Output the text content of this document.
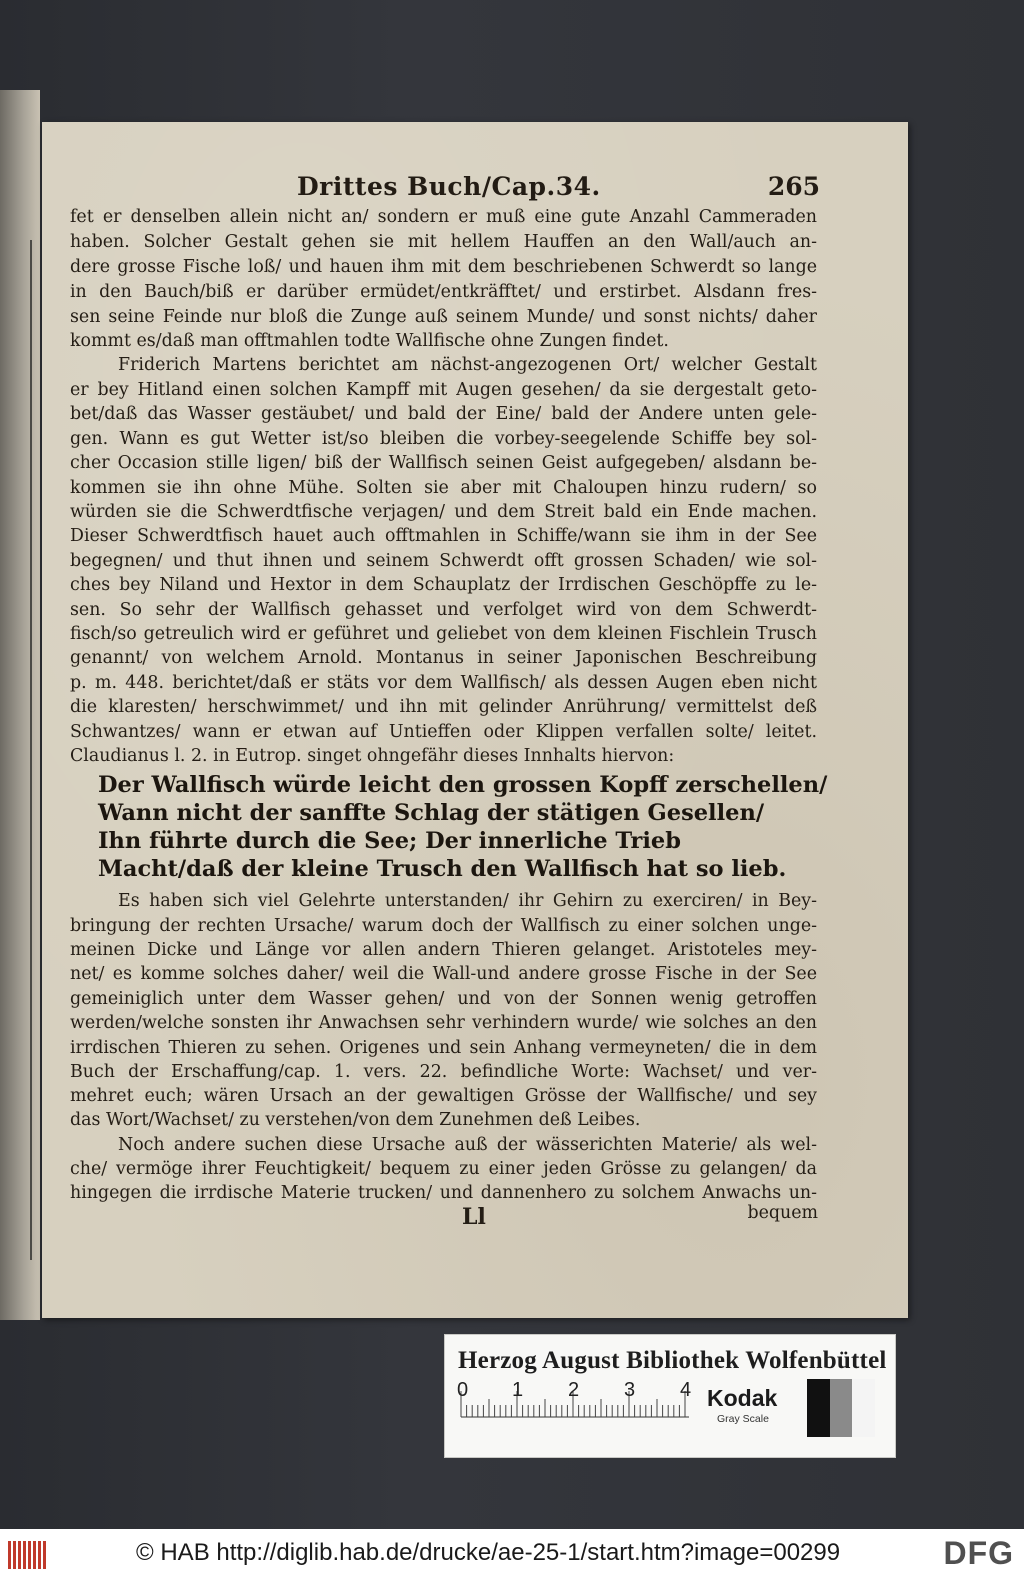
Drittes Buch/Cap.34.	265
fet er denselben allein nicht an/ sondern er muß eine gute Anzahl Cammeraden
haben. Solcher Gestalt gehen sie mit hellem Hauffen an den Wall/auch an-
dere grosse Fische loß/ und hauen ihm mit dem beschriebenen Schwerdt so lange
in den Bauch/biß er darüber ermüdet/entkräfftet/ und erstirbet. Alsdann fres-
sen seine Feinde nur bloß die Zunge auß seinem Munde/ und sonst nichts/ daher
kommt es/daß man offtmahlen todte Wallfische ohne Zungen findet.
Friderich Martens berichtet am nächst-angezogenen Ort/ welcher Gestalt
er bey Hitland einen solchen Kampff mit Augen gesehen/ da sie dergestalt geto-
bet/daß das Wasser gestäubet/ und bald der Eine/ bald der Andere unten gele-
gen. Wann es gut Wetter ist/so bleiben die vorbey-seegelende Schiffe bey sol-
cher Occasion stille ligen/ biß der Wallfisch seinen Geist aufgegeben/ alsdann be-
kommen sie ihn ohne Mühe. Solten sie aber mit Chaloupen hinzu rudern/ so
würden sie die Schwerdtfische verjagen/ und dem Streit bald ein Ende machen.
Dieser Schwerdtfisch hauet auch offtmahlen in Schiffe/wann sie ihm in der See
begegnen/ und thut ihnen und seinem Schwerdt offt grossen Schaden/ wie sol-
ches bey Niland und Hextor in dem Schauplatz der Irrdischen Geschöpffe zu le-
sen. So sehr der Wallfisch gehasset und verfolget wird von dem Schwerdt-
fisch/so getreulich wird er geführet und geliebet von dem kleinen Fischlein Trusch
genannt/ von welchem Arnold. Montanus in seiner Japonischen Beschreibung
p. m. 448. berichtet/daß er stäts vor dem Wallfisch/ als dessen Augen eben nicht
die klaresten/ herschwimmet/ und ihn mit gelinder Anrührung/ vermittelst deß
Schwantzes/ wann er etwan auf Untieffen oder Klippen verfallen solte/ leitet.
Claudianus l. 2. in Eutrop. singet ohngefähr dieses Innhalts hiervon:
Der Wallfisch würde leicht den grossen Kopff zerschellen/
Wann nicht der sanffte Schlag der stätigen Gesellen/
Ihn führte durch die See; Der innerliche Trieb
Macht/daß der kleine Trusch den Wallfisch hat so lieb.
Es haben sich viel Gelehrte unterstanden/ ihr Gehirn zu exerciren/ in Bey-
bringung der rechten Ursache/ warum doch der Wallfisch zu einer solchen unge-
meinen Dicke und Länge vor allen andern Thieren gelanget. Aristoteles mey-
net/ es komme solches daher/ weil die Wall-und andere grosse Fische in der See
gemeiniglich unter dem Wasser gehen/ und von der Sonnen wenig getroffen
werden/welche sonsten ihr Anwachsen sehr verhindern wurde/ wie solches an den
irrdischen Thieren zu sehen. Origenes und sein Anhang vermeyneten/ die in dem
Buch der Erschaffung/cap. 1. vers. 22. befindliche Worte: Wachset/ und ver-
mehret euch; wären Ursach an der gewaltigen Grösse der Wallfische/ und sey
das Wort/Wachset/ zu verstehen/von dem Zunehmen deß Leibes.
Noch andere suchen diese Ursache auß der wässerichten Materie/ als wel-
che/ vermöge ihrer Feuchtigkeit/ bequem zu einer jeden Grösse zu gelangen/ da
hingegen die irrdische Materie trucken/ und dannenhero zu solchem Anwachs un-
Ll	bequem
Herzog August Bibliothek Wolfenbüttel
0 1 2 3 4 Kodak
Gray Scale
© HAB http://diglib.hab.de/drucke/ae-25-1/start.htm?image=00299	DFG
